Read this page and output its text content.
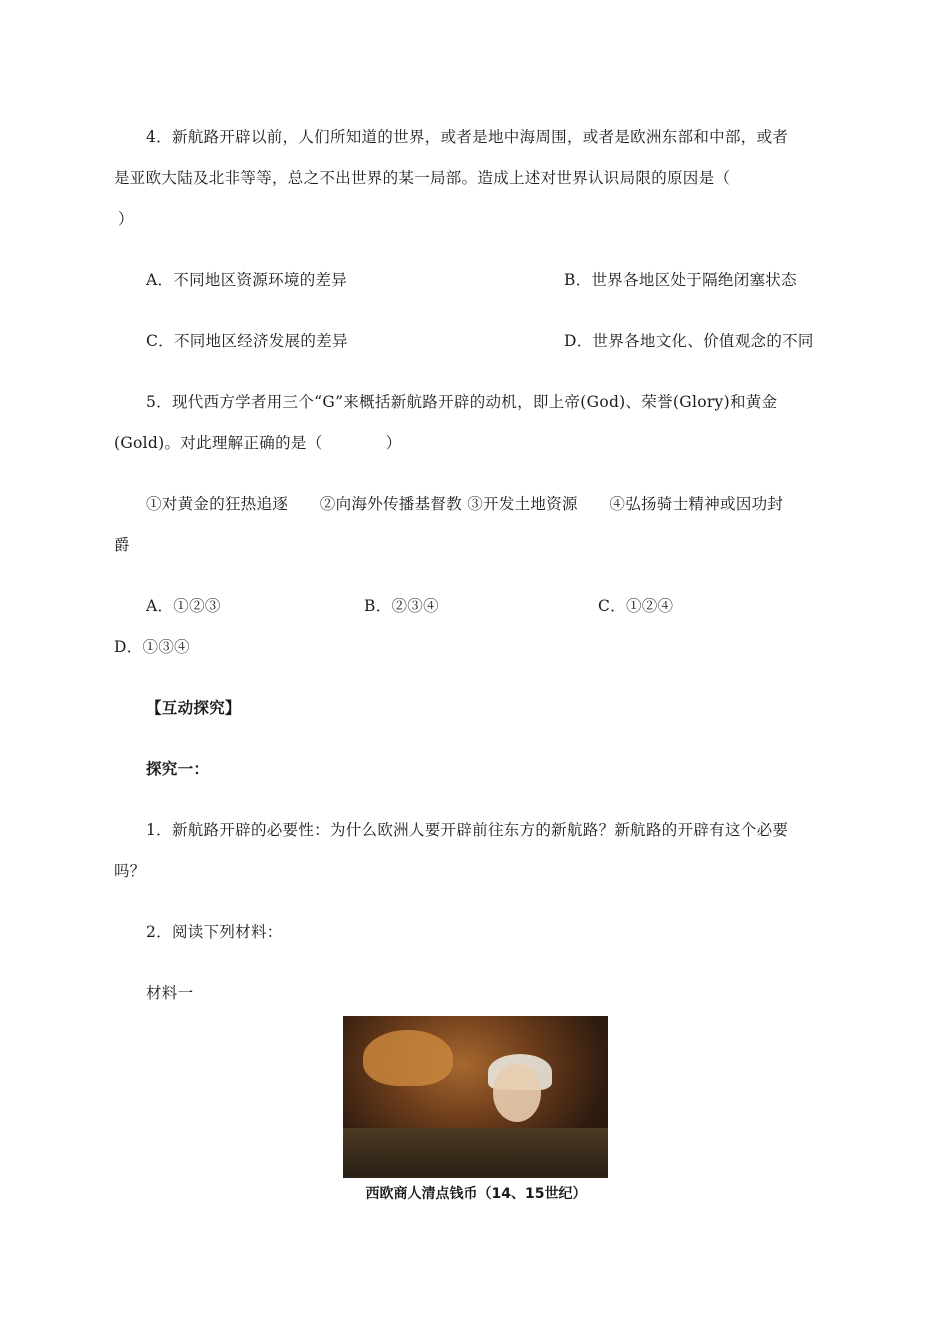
4．新航路开辟以前，人们所知道的世界，或者是地中海周围，或者是欧洲东部和中部，或者
是亚欧大陆及北非等等，总之不出世界的某一局部。造成上述对世界认识局限的原因是（
）
A．不同地区资源环境的差异	B．世界各地区处于隔绝闭塞状态
C．不同地区经济发展的差异	D．世界各地文化、价值观念的不同
5．现代西方学者用三个“G”来概括新航路开辟的动机，即上帝(God)、荣誉(Glory)和黄金
(Gold)。对此理解正确的是（　　　　）
①对黄金的狂热追逐　　②向海外传播基督教 ③开发土地资源　　④弘扬骑士精神或因功封
爵
A．①②③	B．②③④	C．①②④
D．①③④
【互动探究】
探究一：
1．新航路开辟的必要性：为什么欧洲人要开辟前往东方的新航路？新航路的开辟有这个必要
吗？
2．阅读下列材料：
材料一
西欧商人清点钱币（14、15世纪）
